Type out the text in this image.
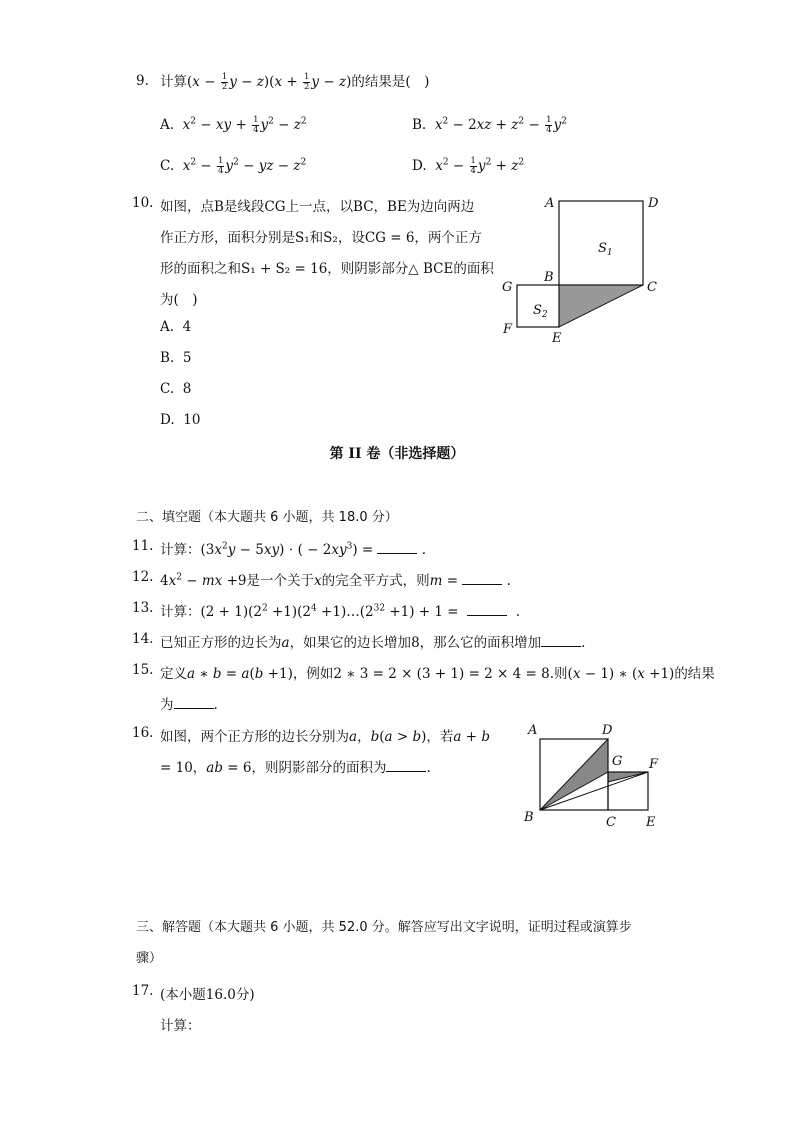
9. 计算($x - \frac{1}{2}$ $y - z)(x + \frac{1}{2}$ y − z)的结果是(　)
A. $x^2$ − xy + $\frac{1}{4} y^2 - z^2$	B. $x^2 - 2xz + z^2 - \frac{1}{4} y^2$
C. $x^2 - \frac{1}{4} y^2$ − yz − $z^2$	D. $x^2 - \frac{1}{4} y^2 + z^2$
10. 如图，点B是线段CG上一点，以BC，BE为边向两边
作正方形，面积分别是S₁和S₂，设CG = 6，两个正方
形的面积之和S₁ + S₂ = 16，则阴影部分△ BCE的面积
为(　)
A. 4
B. 5
C. 8
D. 10
A	D
B
C
G
F
E
$S_1$
$S_2$
第 II 卷（非选择题）
二、填空题（本大题共 6 小题，共 18.0 分）
11. 计算：$(3x^2y - 5xy)$ ⋅ ( − $2xy^3$) =	.
12. $4x^2$ − mx +9是一个关于x的完全平方式，则m =	.
13. 计算：$(2 + 1)(2^2 +1)(2^4$ $+1)\dots(2^{32} +1) + 1$ =	.
14. 已知正方形的边长为a，如果它的边长增加8，那么它的面积增加	.
15. 定义a ∗ b = a(b +1)，例如2 ∗ 3 = 2 × (3 + 1) = 2 × 4 = 8.则(x − 1) ∗ (x +1)的结果
为	.
16. 如图，两个正方形的边长分别为a，b(a > b)，若a + b
= 10，ab = 6，则阴影部分的面积为	.
A	D
G F
B	C E
三、解答题（本大题共 6 小题，共 52.0 分。解答应写出文字说明，证明过程或演算步
骤）
17. (本小题16.0分)
计算：
